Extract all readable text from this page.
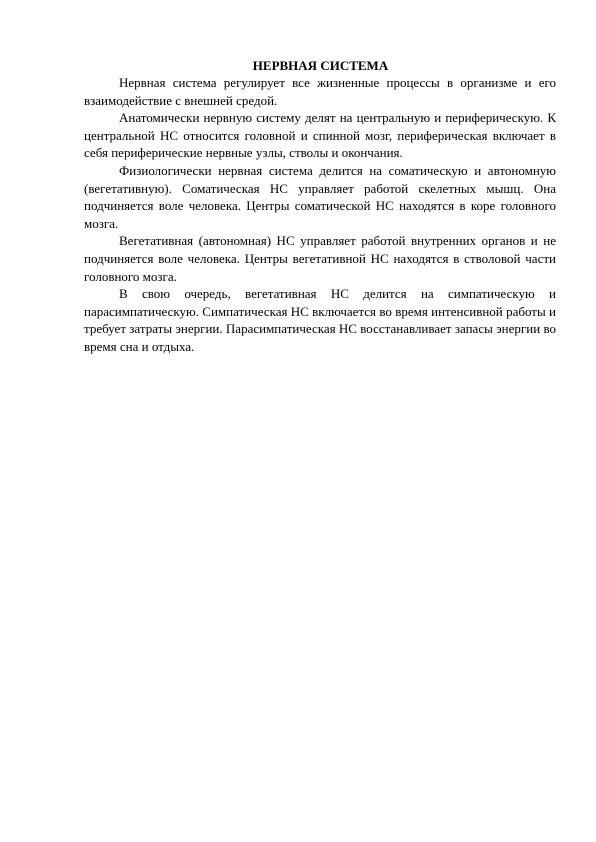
НЕРВНАЯ СИСТЕМА

Нервная система регулирует все жизненные процессы в организме и его взаимодействие с внешней средой.

Анатомически нервную систему делят на центральную и периферическую. К центральной НС относится головной и спинной мозг, периферическая включает в себя периферические нервные узлы, стволы и окончания.

Физиологически нервная система делится на соматическую и автономную (вегетативную). Соматическая НС управляет работой скелетных мышц. Она подчиняется воле человека. Центры соматической НС находятся в коре головного мозга.

Вегетативная (автономная) НС управляет работой внутренних органов и не подчиняется воле человека. Центры вегетативной НС находятся в стволовой части головного мозга.

В свою очередь, вегетативная НС делится на симпатическую и парасимпатическую. Симпатическая НС включается во время интенсивной работы и требует затраты энергии. Парасимпатическая НС восстанавливает запасы энергии во время сна и отдыха.
